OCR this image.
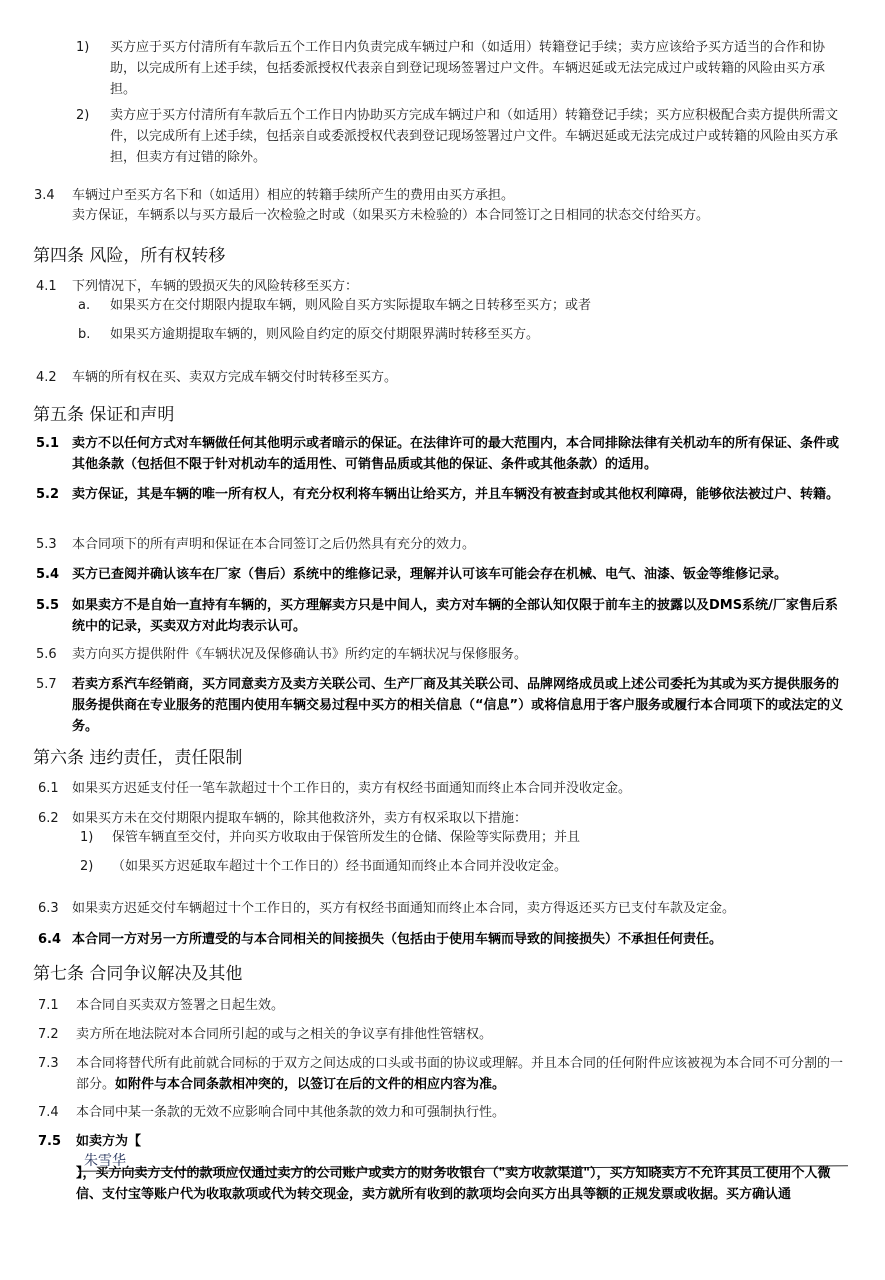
1) 买方应于买方付清所有车款后五个工作日内负责完成车辆过户和（如适用）转籍登记手续；卖方应该给予买方适当的合作和协助，以完成所有上述手续，包括委派授权代表亲自到登记现场签署过户文件。车辆迟延或无法完成过户或转籍的风险由买方承担。
2) 卖方应于买方付清所有车款后五个工作日内协助买方完成车辆过户和（如适用）转籍登记手续；买方应积极配合卖方提供所需文件，以完成所有上述手续，包括亲自或委派授权代表到登记现场签署过户文件。车辆迟延或无法完成过户或转籍的风险由买方承担，但卖方有过错的除外。
3.4 车辆过户至买方名下和（如适用）相应的转籍手续所产生的费用由买方承担。
卖方保证，车辆系以与买方最后一次检验之时或（如果买方未检验的）本合同签订之日相同的状态交付给买方。
第四条 风险，所有权转移
4.1 下列情况下，车辆的毁损灭失的风险转移至买方：
a. 如果买方在交付期限内提取车辆，则风险自买方实际提取车辆之日转移至买方；或者
b. 如果买方逾期提取车辆的，则风险自约定的原交付期限界满时转移至买方。
4.2 车辆的所有权在买、卖双方完成车辆交付时转移至买方。
第五条 保证和声明
5.1 卖方不以任何方式对车辆做任何其他明示或者暗示的保证。在法律许可的最大范围内，本合同排除法律有关机动车的所有保证、条件或其他条款（包括但不限于针对机动车的适用性、可销售品质或其他的保证、条件或其他条款）的适用。
5.2 卖方保证，其是车辆的唯一所有权人，有充分权利将车辆出让给买方，并且车辆没有被查封或其他权利障碍，能够依法被过户、转籍。
5.3 本合同项下的所有声明和保证在本合同签订之后仍然具有充分的效力。
5.4 买方已查阅并确认该车在厂家（售后）系统中的维修记录，理解并认可该车可能会存在机械、电气、油漆、钣金等维修记录。
5.5 如果卖方不是自始一直持有车辆的，买方理解卖方只是中间人，卖方对车辆的全部认知仅限于前车主的披露以及DMS系统/厂家售后系统中的记录，买卖双方对此均表示认可。
5.6 卖方向买方提供附件《车辆状况及保修确认书》所约定的车辆状况与保修服务。
5.7 若卖方系汽车经销商，买方同意卖方及卖方关联公司、生产厂商及其关联公司、品牌网络成员或上述公司委托为其或为买方提供服务的服务提供商在专业服务的范围内使用车辆交易过程中买方的相关信息（“信息”）或将信息用于客户服务或履行本合同项下的或法定的义务。
第六条 违约责任，责任限制
6.1 如果买方迟延支付任一笔车款超过十个工作日的，卖方有权经书面通知而终止本合同并没收定金。
6.2 如果买方未在交付期限内提取车辆的，除其他救济外，卖方有权采取以下措施：
1) 保管车辆直至交付，并向买方收取由于保管所发生的仓储、保险等实际费用；并且
2) （如果买方迟延取车超过十个工作日的）经书面通知而终止本合同并没收定金。
6.3 如果卖方迟延交付车辆超过十个工作日的，买方有权经书面通知而终止本合同，卖方得返还买方已支付车款及定金。
6.4 本合同一方对另一方所遭受的与本合同相关的间接损失（包括由于使用车辆而导致的间接损失）不承担任何责任。
第七条 合同争议解决及其他
7.1 本合同自买卖双方签署之日起生效。
7.2 卖方所在地法院对本合同所引起的或与之相关的争议享有排他性管辖权。
7.3 本合同将替代所有此前就合同标的于双方之间达成的口头或书面的协议或理解。并且本合同的任何附件应该被视为本合同不可分割的一部分。如附件与本合同条款相冲突的，以签订在后的文件的相应内容为准。
7.4 本合同中某一条款的无效不应影响合同中其他条款的效力和可强制执行性。
7.5 如卖方为【
朱雪华
】，买方向卖方支付的款项应仅通过卖方的公司账户或卖方的财务收银台（"卖方收款渠道"），买方知晓卖方不允许其员工使用个人微信、支付宝等账户代为收取款项或代为转交现金，卖方就所有收到的款项均会向买方出具等额的正规发票或收据。买方确认通
